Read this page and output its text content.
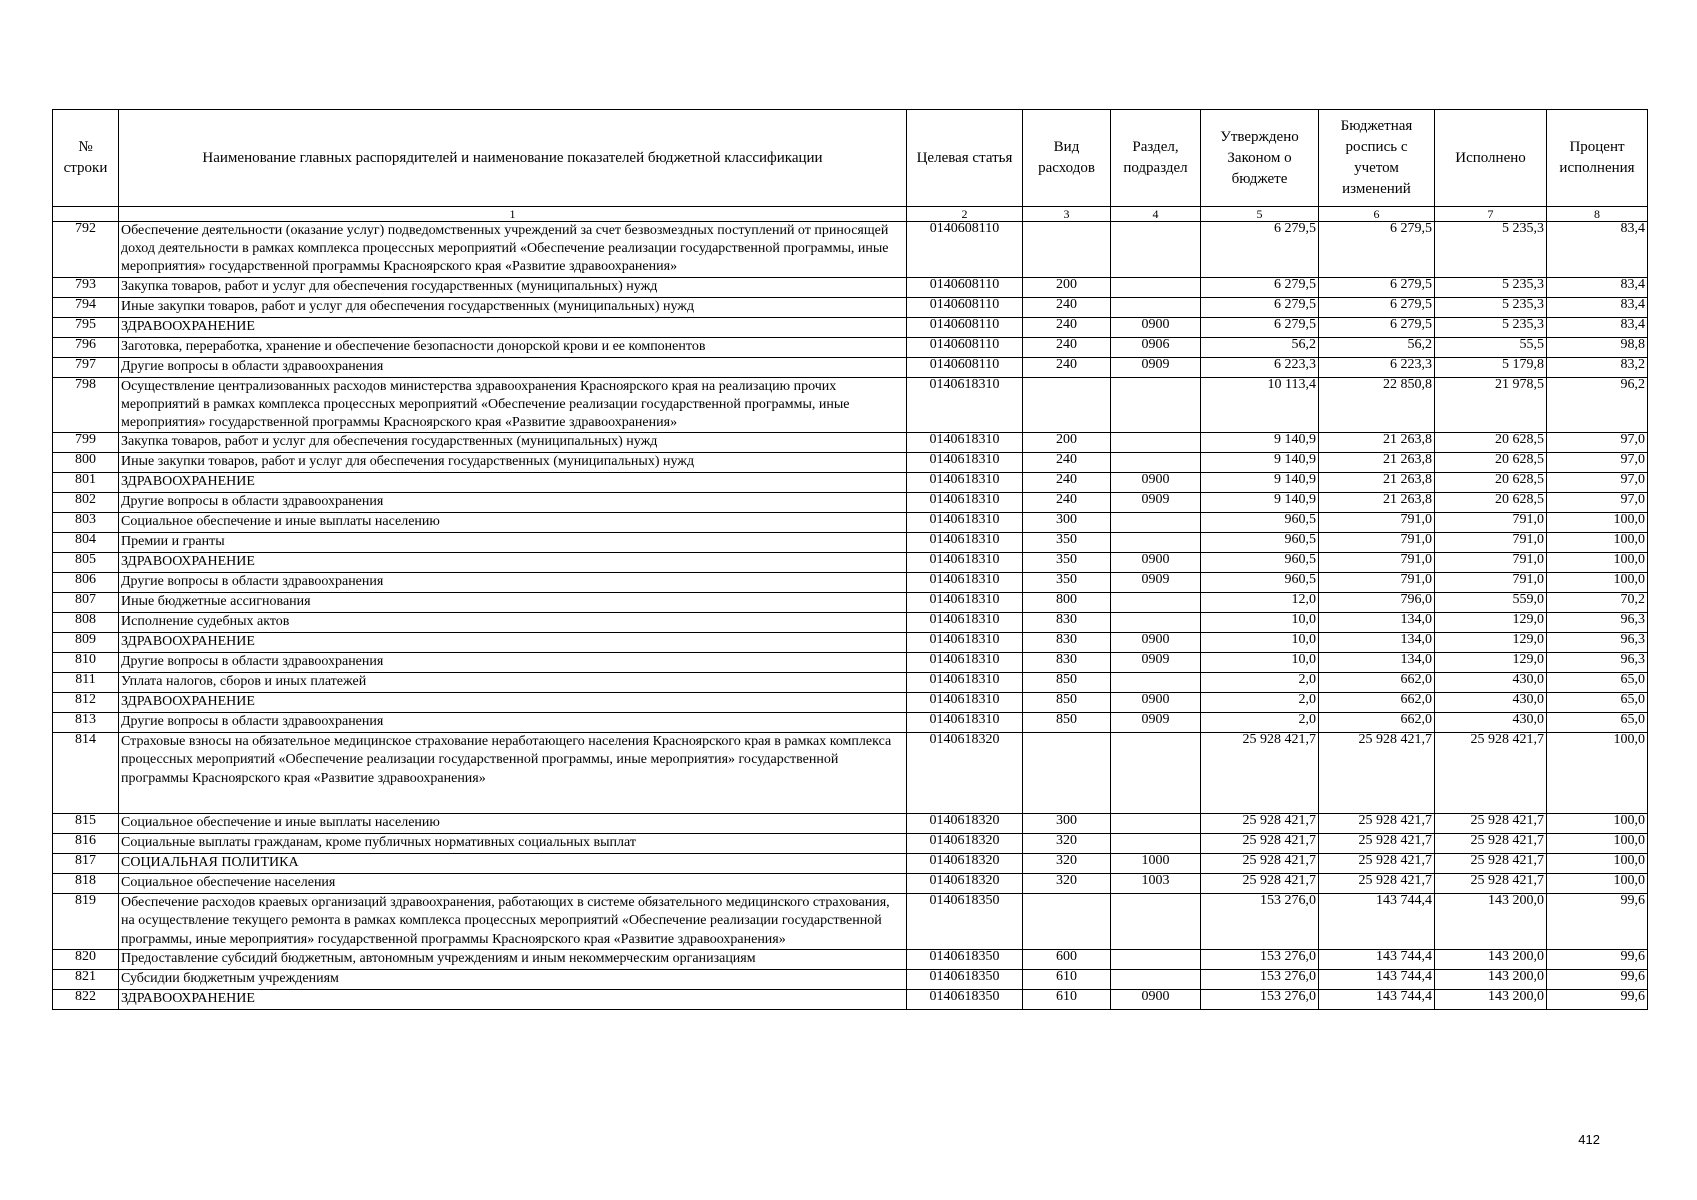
№ строки	Наименование главных распорядителей и наименование показателей бюджетной классификации	Целевая статья	Вид расходов	Раздел, подраздел	Утверждено Законом о бюджете	Бюджетная роспись с учетом изменений	Исполнено	Процент исполнения
	1	2	3	4	5	6	7	8
792	Обеспечение деятельности (оказание услуг) подведомственных учреждений за счет безвозмездных поступлений от приносящей доход деятельности в рамках комплекса процессных мероприятий «Обеспечение реализации государственной программы, иные мероприятия» государственной программы Красноярского края «Развитие здравоохранения»	0140608110			6 279,5	6 279,5	5 235,3	83,4
793	Закупка товаров, работ и услуг для обеспечения государственных (муниципальных) нужд	0140608110	200		6 279,5	6 279,5	5 235,3	83,4
794	Иные закупки товаров, работ и услуг для обеспечения государственных (муниципальных) нужд	0140608110	240		6 279,5	6 279,5	5 235,3	83,4
795	ЗДРАВООХРАНЕНИЕ	0140608110	240	0900	6 279,5	6 279,5	5 235,3	83,4
796	Заготовка, переработка, хранение и обеспечение безопасности донорской крови и ее компонентов	0140608110	240	0906	56,2	56,2	55,5	98,8
797	Другие вопросы в области здравоохранения	0140608110	240	0909	6 223,3	6 223,3	5 179,8	83,2
798	Осуществление централизованных расходов министерства здравоохранения Красноярского края на реализацию прочих мероприятий в рамках комплекса процессных мероприятий «Обеспечение реализации государственной программы, иные мероприятия» государственной программы Красноярского края «Развитие здравоохранения»	0140618310			10 113,4	22 850,8	21 978,5	96,2
799	Закупка товаров, работ и услуг для обеспечения государственных (муниципальных) нужд	0140618310	200		9 140,9	21 263,8	20 628,5	97,0
800	Иные закупки товаров, работ и услуг для обеспечения государственных (муниципальных) нужд	0140618310	240		9 140,9	21 263,8	20 628,5	97,0
801	ЗДРАВООХРАНЕНИЕ	0140618310	240	0900	9 140,9	21 263,8	20 628,5	97,0
802	Другие вопросы в области здравоохранения	0140618310	240	0909	9 140,9	21 263,8	20 628,5	97,0
803	Социальное обеспечение и иные выплаты населению	0140618310	300		960,5	791,0	791,0	100,0
804	Премии и гранты	0140618310	350		960,5	791,0	791,0	100,0
805	ЗДРАВООХРАНЕНИЕ	0140618310	350	0900	960,5	791,0	791,0	100,0
806	Другие вопросы в области здравоохранения	0140618310	350	0909	960,5	791,0	791,0	100,0
807	Иные бюджетные ассигнования	0140618310	800		12,0	796,0	559,0	70,2
808	Исполнение судебных актов	0140618310	830		10,0	134,0	129,0	96,3
809	ЗДРАВООХРАНЕНИЕ	0140618310	830	0900	10,0	134,0	129,0	96,3
810	Другие вопросы в области здравоохранения	0140618310	830	0909	10,0	134,0	129,0	96,3
811	Уплата налогов, сборов и иных платежей	0140618310	850		2,0	662,0	430,0	65,0
812	ЗДРАВООХРАНЕНИЕ	0140618310	850	0900	2,0	662,0	430,0	65,0
813	Другие вопросы в области здравоохранения	0140618310	850	0909	2,0	662,0	430,0	65,0
814	Страховые взносы на обязательное медицинское страхование неработающего населения Красноярского края в рамках комплекса процессных мероприятий «Обеспечение реализации государственной программы, иные мероприятия» государственной программы Красноярского края «Развитие здравоохранения»	0140618320			25 928 421,7	25 928 421,7	25 928 421,7	100,0
815	Социальное обеспечение и иные выплаты населению	0140618320	300		25 928 421,7	25 928 421,7	25 928 421,7	100,0
816	Социальные выплаты гражданам, кроме публичных нормативных социальных выплат	0140618320	320		25 928 421,7	25 928 421,7	25 928 421,7	100,0
817	СОЦИАЛЬНАЯ ПОЛИТИКА	0140618320	320	1000	25 928 421,7	25 928 421,7	25 928 421,7	100,0
818	Социальное обеспечение населения	0140618320	320	1003	25 928 421,7	25 928 421,7	25 928 421,7	100,0
819	Обеспечение расходов краевых организаций здравоохранения, работающих в системе обязательного медицинского страхования, на осуществление текущего ремонта в рамках комплекса процессных мероприятий «Обеспечение реализации государственной программы, иные мероприятия» государственной программы Красноярского края «Развитие здравоохранения»	0140618350			153 276,0	143 744,4	143 200,0	99,6
820	Предоставление субсидий бюджетным, автономным учреждениям и иным некоммерческим организациям	0140618350	600		153 276,0	143 744,4	143 200,0	99,6
821	Субсидии бюджетным учреждениям	0140618350	610		153 276,0	143 744,4	143 200,0	99,6
822	ЗДРАВООХРАНЕНИЕ	0140618350	610	0900	153 276,0	143 744,4	143 200,0	99,6
412
